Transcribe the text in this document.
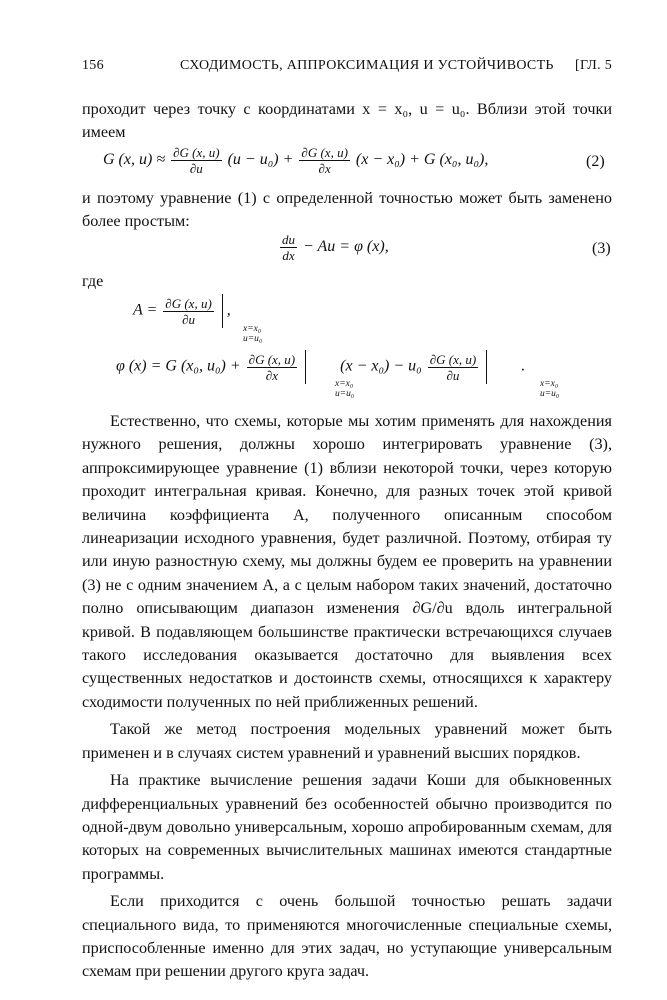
156	СХОДИМОСТЬ, АППРОКСИМАЦИЯ И УСТОЙЧИВОСТЬ [ГЛ. 5

проходит через точку с координатами x = x₀, u = u₀. Вблизи этой точки имеем

G (x, $u) \approx \frac{\partial G (x, u)}{\partial u} (u - u_0) + \frac{\partial G (x, u)}{\partial x} (x - x_0) + G$ (x₀, u₀),	(2)

и поэтому уравнение (1) с определенной точностью может быть заменено более простым:

$\frac{du}{dx} - Au = \varphi$ (x),	(3)

где

$A = \frac{\partial G (x, u)}{\partial u}$ ,
x=x₀
u=u₀
φ (x) = G (x₀, $u_0) + \frac{\partial G (x, u)}{\partial x}$	$(x - x_0) - u_0 \frac{\partial G (x, u)}{\partial u}$	.
x=x₀
u=u₀
x=x₀
u=u₀

Естественно, что схемы, которые мы хотим применять для нахождения нужного решения, должны хорошо интегрировать уравнение (3), аппроксимирующее уравнение (1) вблизи некоторой точки, через которую проходит интегральная кривая. Конечно, для разных точек этой кривой величина коэффициента A, полученного описанным способом линеаризации исходного уравнения, будет различной. Поэтому, отбирая ту или иную разностную схему, мы должны будем ее проверить на уравнении (3) не с одним значением A, а с целым набором таких значений, достаточно полно описывающим диапазон изменения ∂G/∂u вдоль интегральной кривой. В подавляющем большинстве практически встречающихся случаев такого исследования оказывается достаточно для выявления всех существенных недостатков и достоинств схемы, относящихся к характеру сходимости полученных по ней приближенных решений.

Такой же метод построения модельных уравнений может быть применен и в случаях систем уравнений и уравнений высших порядков.

На практике вычисление решения задачи Коши для обыкновенных дифференциальных уравнений без особенностей обычно производится по одной-двум довольно универсальным, хорошо апробированным схемам, для которых на современных вычислительных машинах имеются стандартные программы.

Если приходится с очень большой точностью решать задачи специального вида, то применяются многочисленные специальные схемы, приспособленные именно для этих задач, но уступающие универсальным схемам при решении другого круга задач.
